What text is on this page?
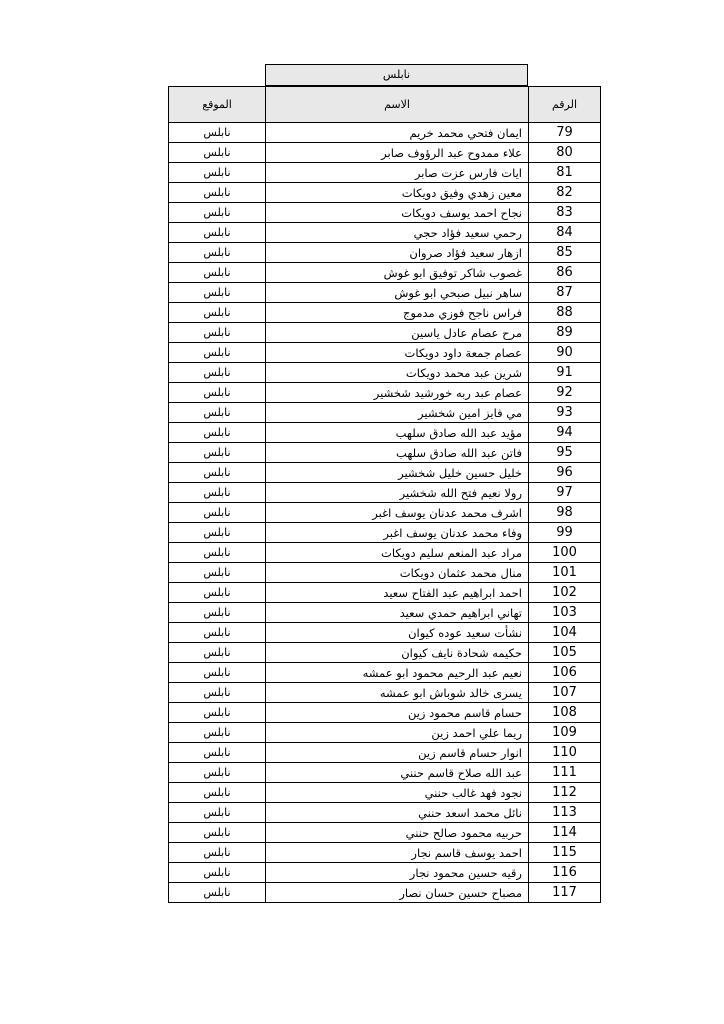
نابلس
الرقم	الاسم	الموقع
79	ايمان فتحي محمد خريم	نابلس
80	علاء ممدوح عبد الرؤوف صابر	نابلس
81	ايات فارس عزت صابر	نابلس
82	معين زهدي وفيق دويكات	نابلس
83	نجاح احمد يوسف دويكات	نابلس
84	رحمي سعيد فؤاد حجي	نابلس
85	ازهار سعيد فؤاد صروان	نابلس
86	غصوب شاكر توفيق ابو غوش	نابلس
87	ساهر نبيل صبحي ابو غوش	نابلس
88	فراس ناجح فوزي مدموج	نابلس
89	مرح عصام عادل ياسين	نابلس
90	عصام جمعة داود دويكات	نابلس
91	شرين عبد محمد دويكات	نابلس
92	عصام عبد ربه خورشيد شخشير	نابلس
93	مي فايز امين شخشير	نابلس
94	مؤيد عبد الله صادق سلهب	نابلس
95	فاتن عبد الله صادق سلهب	نابلس
96	خليل حسين خليل شخشير	نابلس
97	رولا نعيم فتح الله شخشير	نابلس
98	اشرف محمد عدنان يوسف اغبر	نابلس
99	وفاء محمد عدنان يوسف اغبر	نابلس
100	مراد عبد المنعم سليم دويكات	نابلس
101	منال محمد عثمان دويكات	نابلس
102	احمد ابراهيم عبد الفتاح سعيد	نابلس
103	تهاني ابراهيم حمدي سعيد	نابلس
104	نشأت سعيد عوده كيوان	نابلس
105	حكيمه شحادة نايف كيوان	نابلس
106	نعيم عبد الرحيم محمود ابو عمشه	نابلس
107	يسرى خالد شوباش ابو عمشه	نابلس
108	حسام قاسم محمود زين	نابلس
109	ريما علي احمد زين	نابلس
110	انوار حسام قاسم زين	نابلس
111	عبد الله صلاح قاسم حنني	نابلس
112	نجود فهد غالب حنني	نابلس
113	نائل محمد اسعد حنني	نابلس
114	حربيه محمود صالح حنني	نابلس
115	احمد يوسف قاسم نجار	نابلس
116	رقيه حسين محمود نجار	نابلس
117	مصباح حسين حسان نصار	نابلس
